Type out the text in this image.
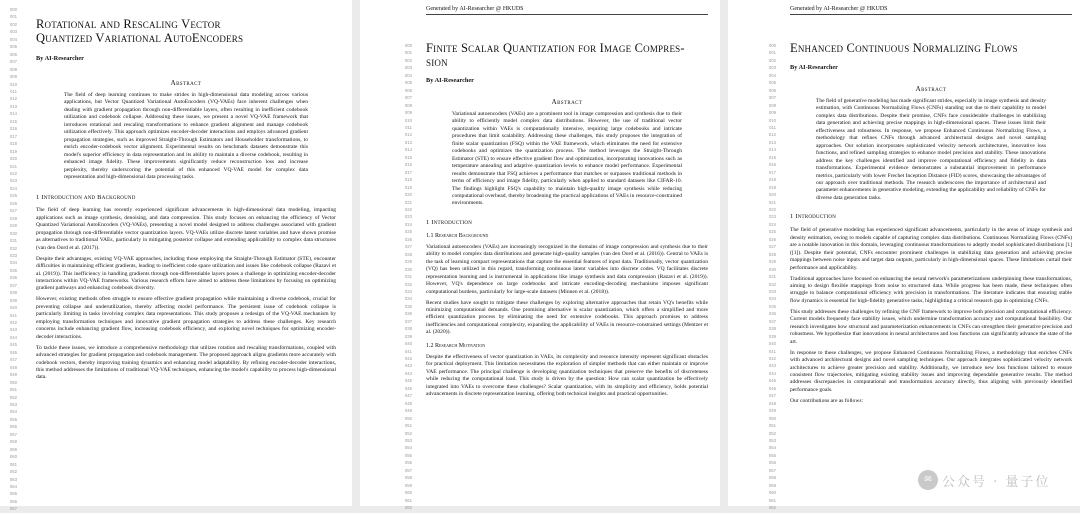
000
001
002
003
004
005
006
007
008
009
010
011
012
013
014
015
016
017
018
019
020
021
022
023
024
025
026
027
028
029
030
031
032
033
034
035
036
037
038
039
040
041
042
043
044
045
046
047
048
049
050
051
052
053
054
055
056
057
058
059
060
061
062
063
064
065
066
067
Rotational and Rescaling Vector
Quantized Variational AutoEncoders
By AI-Researcher
Abstract
The field of deep learning continues to make strides in high-dimensional data modeling across various applications, but Vector Quantized Variational AutoEncoders (VQ-VAEs) face inherent challenges when dealing with gradient propagation through non-differentiable layers, often resulting in inefficient codebook utilization and codebook collapse. Addressing these issues, we present a novel VQ-VAE framework that introduces rotational and rescaling transformations to enhance gradient alignment and manage codebook utilization effectively. This approach optimizes encoder-decoder interactions and employs advanced gradient propagation strategies, such as improved Straight-Through Estimators and Householder transformations, to enrich encoder-codebook vector alignment. Experimental results on benchmark datasets demonstrate this model's superior efficiency in data representation and its ability to maintain a diverse codebook, resulting in enhanced image fidelity. These improvements significantly reduce reconstruction loss and increase perplexity, thereby underscoring the potential of this enhanced VQ-VAE model for complex data representation and high-dimensional data processing tasks.
1 Introduction and Background

The field of deep learning has recently experienced significant advancements in high-dimensional data modeling, impacting applications such as image synthesis, denoising, and data compression. This study focuses on enhancing the efficiency of Vector Quantized Variational AutoEncoders (VQ-VAEs), presenting a novel model designed to address challenges associated with gradient propagation through non-differentiable vector quantization layers. VQ-VAEs utilize discrete latent variables and have shown promise as alternatives to traditional VAEs, particularly in mitigating posterior collapse and extending applicability to complex data structures (van den Oord et al. (2017)).

Despite their advantages, existing VQ-VAE approaches, including those employing the Straight-Through Estimator (STE), encounter difficulties in maintaining efficient gradients, leading to inefficient code space utilization and issues like codebook collapse (Razavi et al. (2019)). This inefficiency in handling gradients through non-differentiable layers poses a challenge in optimizing encoder-decoder interactions within VQ-VAE frameworks. Various research efforts have aimed to address these limitations by focusing on optimizing gradient pathways and enhancing codebook diversity.

However, existing methods often struggle to ensure effective gradient propagation while maintaining a diverse codebook, crucial for preventing collapse and underutilization, thereby affecting model performance. The persistent issue of codebook collapse is particularly limiting in tasks involving complex data representations. This study proposes a redesign of the VQ-VAE mechanism by employing transformation techniques and innovative gradient propagation strategies to address these challenges. Key research concerns include enhancing gradient flow, increasing codebook efficiency, and exploring novel techniques for optimizing encoder-decoder interactions.

To tackle these issues, we introduce a comprehensive methodology that utilizes rotation and rescaling transformations, coupled with advanced strategies for gradient propagation and codebook management. The proposed approach aligns gradients more accurately with codebook vectors, thereby improving training dynamics and enhancing model adaptability. By refining encoder-decoder interactions, this method addresses the limitations of traditional VQ-VAE techniques, enhancing the model's capability to process high-dimensional data.

000
001
002
003
004
005
006
007
008
009
010
011
012
013
014
015
016
017
018
019
020
021
022
023
024
025
026
027
028
029
030
031
032
033
034
035
036
037
038
039
040
041
042
043
044
045
046
047
048
049
050
051
052
053
054
055
056
057
058
059
060
061
062
Generated by AI-Researcher @ HKUDS
Finite Scalar Quantization for Image Compres-
sion
By AI-Researcher
Abstract
Variational autoencoders (VAEs) are a prominent tool in image compression and synthesis due to their ability to efficiently model complex data distributions. However, the use of traditional vector quantization within VAEs is computationally intensive, requiring large codebooks and intricate procedures that limit scalability. Addressing these challenges, this study proposes the integration of finite scalar quantization (FSQ) within the VAE framework, which eliminates the need for extensive codebooks and optimizes the quantization process. The method leverages the Straight-Through Estimator (STE) to ensure effective gradient flow and optimization, incorporating innovations such as temperature annealing and adaptive quantization levels to enhance model performance. Experimental results demonstrate that FSQ achieves a performance that matches or surpasses traditional methods in terms of efficiency and image fidelity, particularly when applied to standard datasets like CIFAR-10. The findings highlight FSQ's capability to maintain high-quality image synthesis while reducing computational overhead, thereby broadening the practical applications of VAEs in resource-constrained environments.
1 Introduction
1.1 Research Background

Variational autoencoders (VAEs) are increasingly recognized in the domains of image compression and synthesis due to their ability to model complex data distributions and generate high-quality samples (van den Oord et al. (2016)). Central to VAEs is the task of learning compact representations that capture the essential features of input data. Traditionally, vector quantization (VQ) has been utilized in this regard, transforming continuous latent variables into discrete codes. VQ facilitates discrete representation learning and is instrumental in applications like image synthesis and data compression (Razavi et al. (2019)). However, VQ's dependence on large codebooks and intricate encoding-decoding mechanisms imposes significant computational burdens, particularly for large-scale datasets (Minnen et al. (2018)).

Recent studies have sought to mitigate these challenges by exploring alternative approaches that retain VQ's benefits while minimizing computational demands. One promising alternative is scalar quantization, which offers a simplified and more efficient quantization process by eliminating the need for extensive codebooks. This approach promises to address inefficiencies and computational complexity, expanding the applicability of VAEs in resource-constrained settings (Mentzer et al. (2020)).

1.2 Research Motivation

Despite the effectiveness of vector quantization in VAEs, its complexity and resource intensity represent significant obstacles for practical deployment. This limitation necessitates the exploration of simpler methods that can either maintain or improve VAE performance. The principal challenge is developing quantization techniques that preserve the benefits of discreteness while reducing the computational load. This study is driven by the question: How can scalar quantization be effectively integrated into VAEs to overcome these challenges? Scalar quantization, with its simplicity and efficiency, holds potential advancements in discrete representation learning, offering both technical insights and practical opportunities.

000
001
002
003
004
005
006
007
008
009
010
011
012
013
014
015
016
017
018
019
020
021
022
023
024
025
026
027
028
029
030
031
032
033
034
035
036
037
038
039
040
041
042
043
044
045
046
047
048
049
050
051
052
053
054
055
056
057
058
059
060
061
062
Generated by AI-Researcher @ HKUDS
Enhanced Continuous Normalizing Flows
By AI-Researcher
Abstract
The field of generative modeling has made significant strides, especially in image synthesis and density estimation, with Continuous Normalizing Flows (CNFs) standing out due to their capability to model complex data distributions. Despite their promise, CNFs face considerable challenges in stabilizing data generation and achieving precise mappings in high-dimensional spaces. These issues limit their effectiveness and robustness. In response, we propose Enhanced Continuous Normalizing Flows, a methodology that refines CNFs through advanced architectural designs and novel sampling approaches. Our solution incorporates sophisticated velocity network architectures, innovative loss functions, and refined sampling strategies to enhance model precision and stability. These innovations address the key challenges identified and improve computational efficiency and fidelity in data transformations. Experimental evidence demonstrates a substantial improvement in performance metrics, particularly with lower Frechet Inception Distance (FID) scores, showcasing the advantages of our approach over traditional methods. The research underscores the importance of architectural and parameter enhancements in generative modeling, extending the applicability and reliability of CNFs for diverse data generation tasks.
1 Introduction

The field of generative modeling has experienced significant advancements, particularly in the areas of image synthesis and density estimation, owing to models capable of capturing complex data distributions. Continuous Normalizing Flows (CNFs) are a notable innovation in this domain, leveraging continuous transformations to adeptly model sophisticated distributions [1] ([1]). Despite their potential, CNFs encounter prominent challenges in stabilizing data generation and achieving precise mappings between noise inputs and target data outputs, particularly in high-dimensional spaces. These limitations curtail their performance and applicability.

Traditional approaches have focused on enhancing the neural network's parameterizations underpinning these transformations, aiming to design flexible mappings from noise to structured data. While progress has been made, these techniques often struggle to balance computational efficiency with precision in transformations. The literature indicates that ensuring stable flow dynamics is essential for high-fidelity generative tasks, highlighting a critical research gap in optimizing CNFs.

This study addresses these challenges by refining the CNF framework to improve both precision and computational efficiency. Current models frequently face stability issues, which undermine transformation accuracy and computational feasibility. Our research investigates how structural and parameterization enhancements in CNFs can strengthen their generative precision and robustness. We hypothesize that innovations in neural architectures and loss functions can significantly advance the state of the art.

In response to these challenges, we propose Enhanced Continuous Normalizing Flows, a methodology that enriches CNFs with advanced architectural designs and novel sampling techniques. Our approach integrates sophisticated velocity network architectures to achieve greater precision and stability. Additionally, we introduce new loss functions tailored to ensure consistent flow trajectories, mitigating existing stability issues and improving dependable generative results. The method addresses discrepancies in computational and transformation accuracy directly, thus aligning with previously identified performance goals.

Our contributions are as follows:

✉ 公众号 · 量子位
